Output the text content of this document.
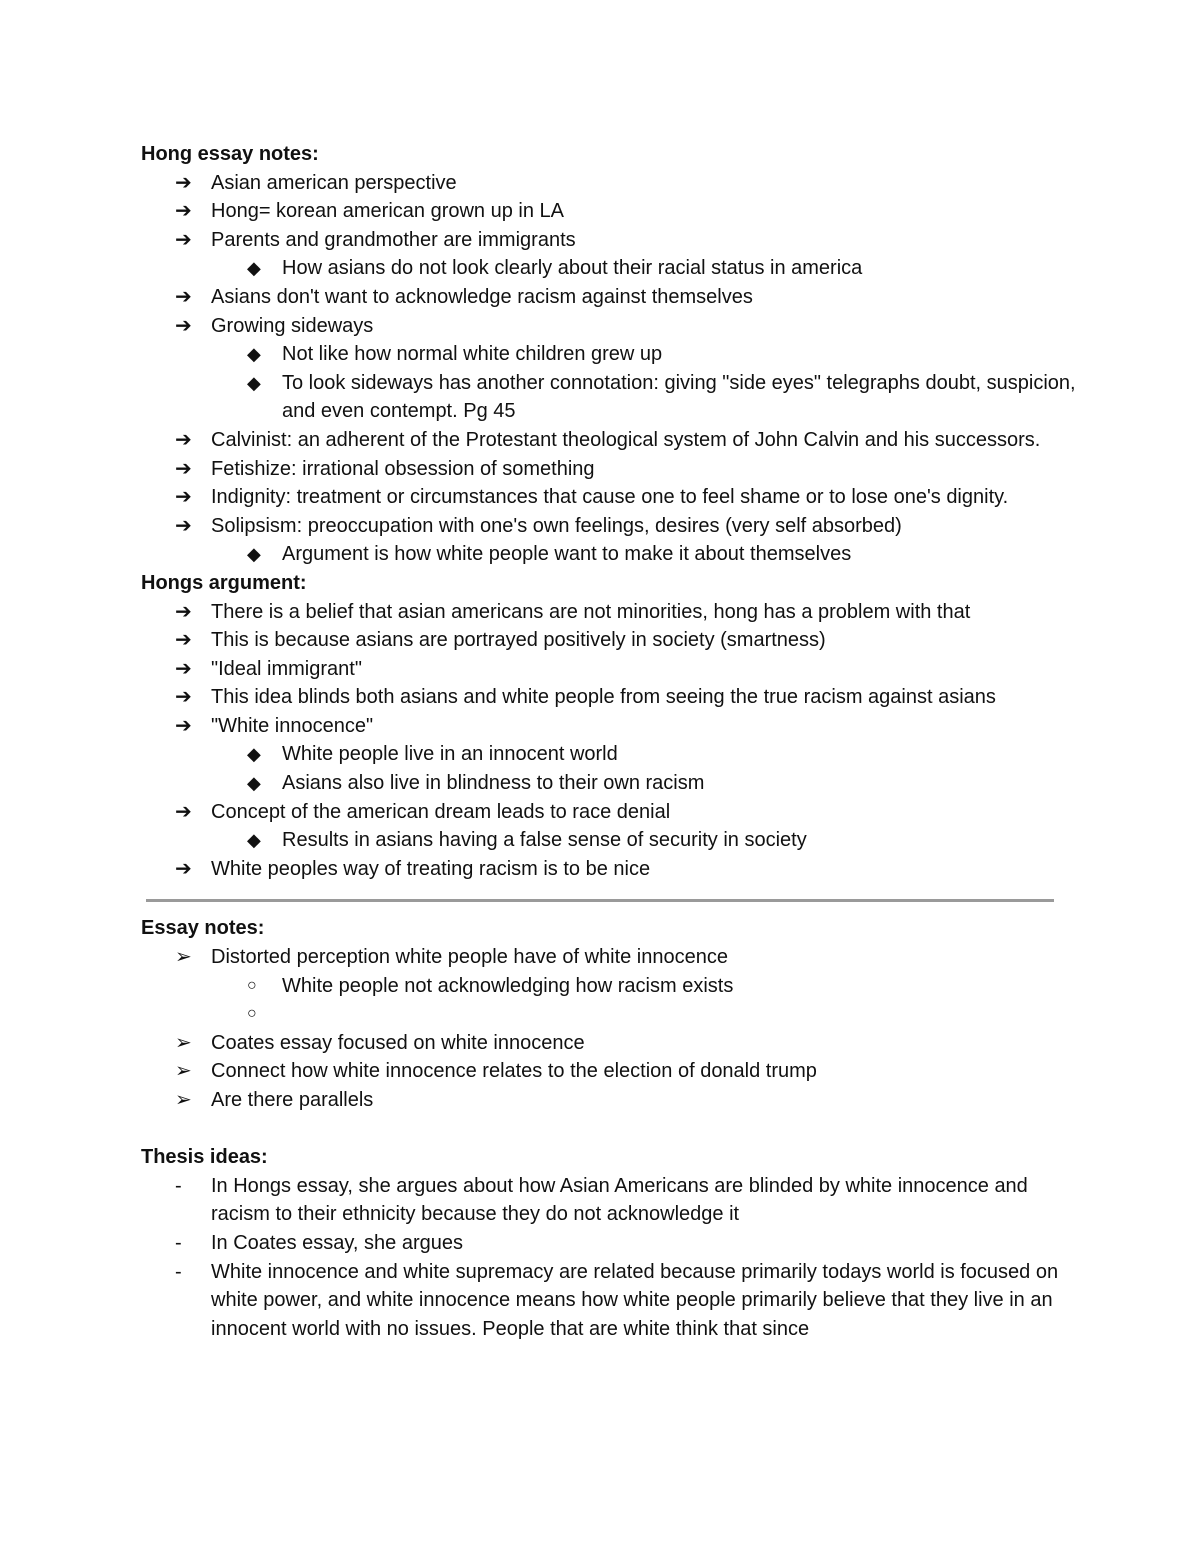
Hong essay notes:
➔ Asian american perspective
➔ Hong= korean american grown up in LA
➔ Parents and grandmother are immigrants
◆	How asians do not look clearly about their racial status in america
➔ Asians don't want to acknowledge racism against themselves
➔ Growing sideways
◆	Not like how normal white children grew up
◆	To look sideways has another connotation: giving "side eyes" telegraphs doubt, suspicion, and even contempt. Pg 45
➔ Calvinist: an adherent of the Protestant theological system of John Calvin and his successors.
➔ Fetishize: irrational obsession of something
➔ Indignity: treatment or circumstances that cause one to feel shame or to lose one's dignity.
➔ Solipsism: preoccupation with one's own feelings, desires (very self absorbed)
◆	Argument is how white people want to make it about themselves
Hongs argument:
➔ There is a belief that asian americans are not minorities, hong has a problem with that
➔ This is because asians are portrayed positively in society (smartness)
➔ "Ideal immigrant"
➔ This idea blinds both asians and white people from seeing the true racism against asians
➔ "White innocence"
◆	White people live in an innocent world
◆	Asians also live in blindness to their own racism
➔ Concept of the american dream leads to race denial
◆	Results in asians having a false sense of security in society
➔ White peoples way of treating racism is to be nice
Essay notes:
➢ Distorted perception white people have of white innocence
○	White people not acknowledging how racism exists
○

➢ Coates essay focused on white innocence
➢ Connect how white innocence relates to the election of donald trump
➢ Are there parallels
Thesis ideas:
-	In Hongs essay, she argues about how Asian Americans are blinded by white innocence and racism to their ethnicity because they do not acknowledge it
-	In Coates essay, she argues
-	White innocence and white supremacy are related because primarily todays world is focused on white power, and white innocence means how white people primarily believe that they live in an innocent world with no issues. People that are white think that since
